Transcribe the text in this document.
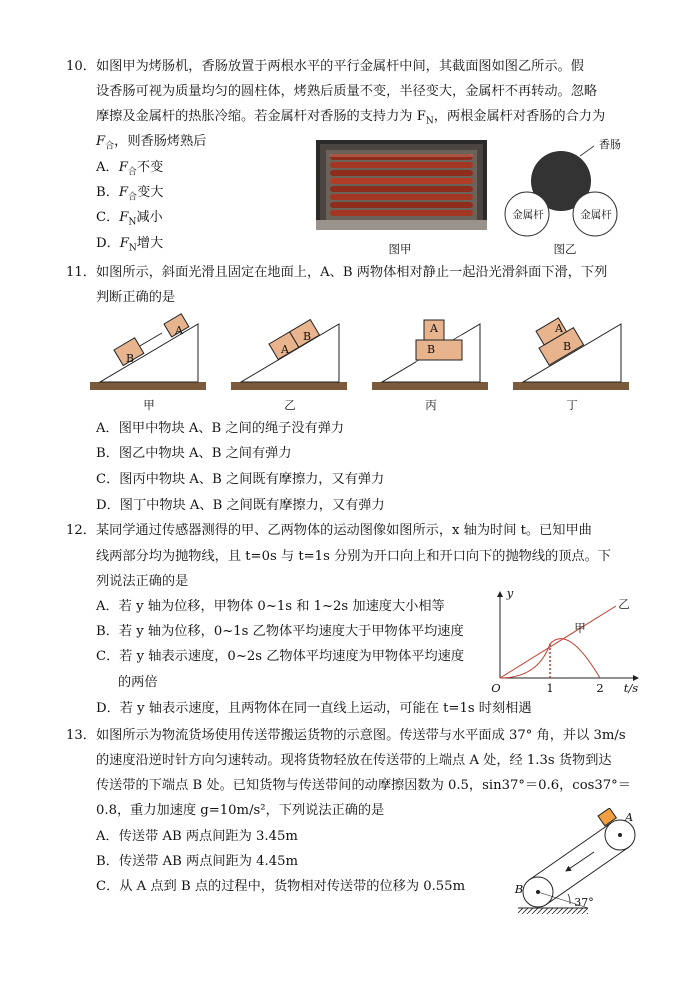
10．如图甲为烤肠机，香肠放置于两根水平的平行金属杆中间，其截面图如图乙所示。假
设香肠可视为质量均匀的圆柱体，烤熟后质量不变，半径变大，金属杆不再转动。忽略
摩擦及金属杆的热胀冷缩。若金属杆对香肠的支持力为 $F_N$，两根金属杆对香肠的合力为
$F_合$，则香肠烤熟后
A．$F_合$不变
B．$F_合$变大
C．$F_N$减小
D．$F_N$增大	图甲
香肠
金属杆	金属杆
图乙
11．如图所示，斜面光滑且固定在地面上，A、B 两物体相对静止一起沿光滑斜面下滑，下列
判断正确的是
B
A
甲
A
B
乙
A
B
丙
A
B
丁
A．图甲中物块 A、B 之间的绳子没有弹力
B．图乙中物块 A、B 之间有弹力
C．图丙中物块 A、B 之间既有摩擦力，又有弹力
D．图丁中物块 A、B 之间既有摩擦力，又有弹力
12．某同学通过传感器测得的甲、乙两物体的运动图像如图所示，x 轴为时间 t。已知甲曲
线两部分均为抛物线，且 t=0s 与 t=1s 分别为开口向上和开口向下的抛物线的顶点。下
列说法正确的是
A．若 y 轴为位移，甲物体 0~1s 和 1~2s 加速度大小相等
B．若 y 轴为位移，0~1s 乙物体平均速度大于甲物体平均速度
C．若 y 轴表示速度，0~2s 乙物体平均速度为甲物体平均速度
的两倍
D．若 y 轴表示速度，且两物体在同一直线上运动，可能在 t=1s 时刻相遇
y
O	1	2	t/s
乙
甲
13．如图所示为物流货场使用传送带搬运货物的示意图。传送带与水平面成 37° 角，并以 3m/s
的速度沿逆时针方向匀速转动。现将货物轻放在传送带的上端点 A 处，经 1.3s 货物到达
传送带的下端点 B 处。已知货物与传送带间的动摩擦因数为 0.5，sin37°＝0.6，cos37°＝
0.8，重力加速度 g=10m/s²，下列说法正确的是
A．传送带 AB 两点间距为 3.45m
B．传送带 AB 两点间距为 4.45m
C．从 A 点到 B 点的过程中，货物相对传送带的位移为 0.55m
A
B
37°
